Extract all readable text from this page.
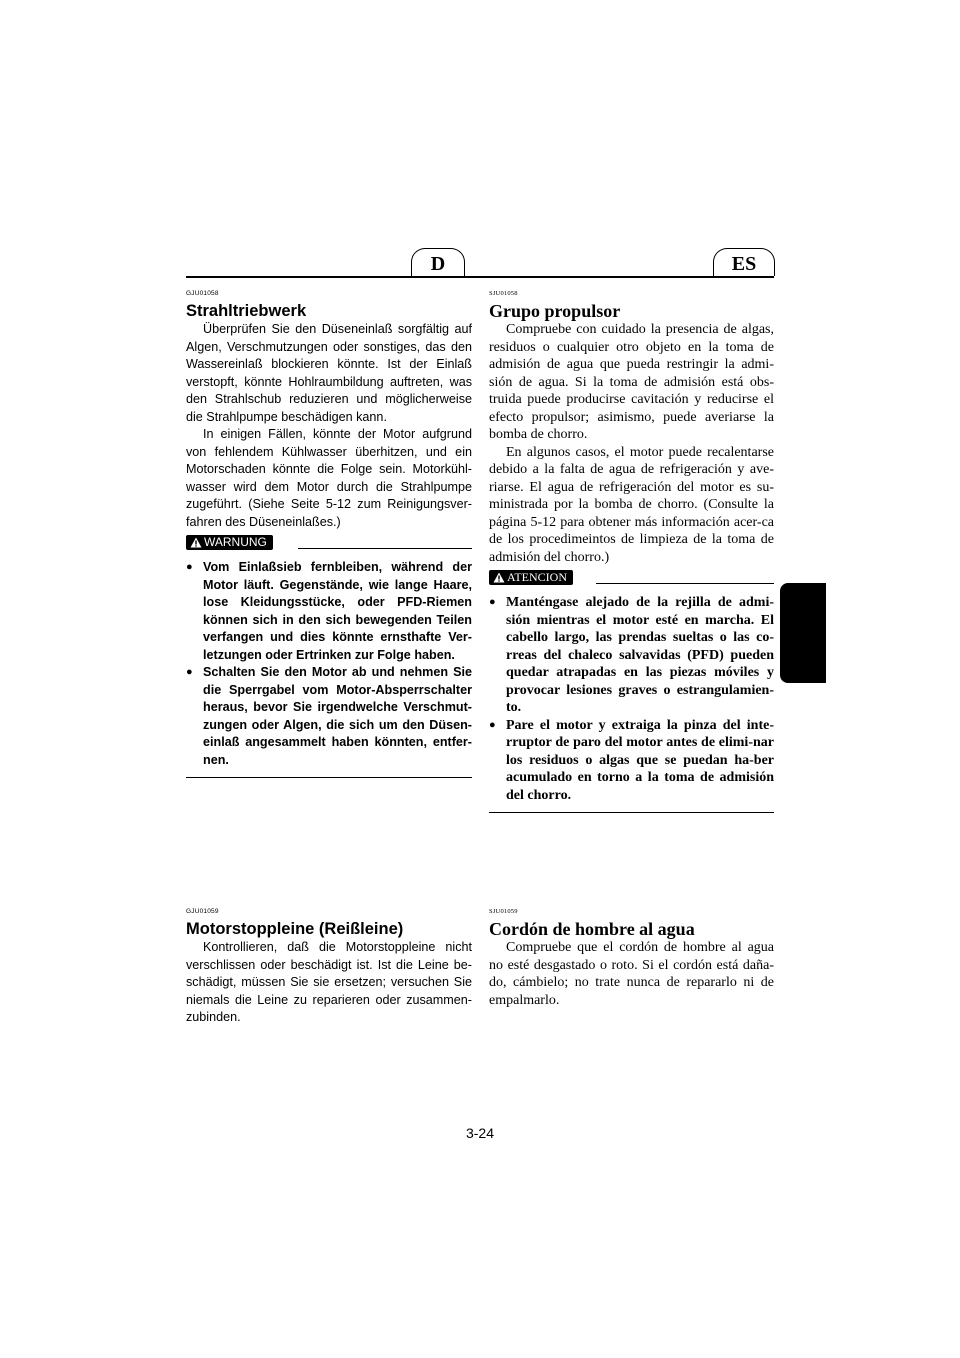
D	ES
GJU01058
Strahltriebwerk

Überprüfen Sie den Düseneinlaß sorgfältig auf Algen, Verschmutzungen oder sonstiges, das den Wassereinlaß blockieren könnte. Ist der Einlaß verstopft, könnte Hohlraumbildung auftreten, was den Strahlschub reduzieren und möglicherweise die Strahlpumpe beschädigen kann.

In einigen Fällen, könnte der Motor aufgrund von fehlendem Kühlwasser überhitzen, und ein Motorschaden könnte die Folge sein. Motorkühl-wasser wird dem Motor durch die Strahlpumpe zugeführt. (Siehe Seite 5-12 zum Reinigungsver-fahren des Düseneinlaßes.)

WARNUNG
● Vom Einlaßsieb fernbleiben, während der Motor läuft. Gegenstände, wie lange Haare, lose Kleidungsstücke, oder PFD-Riemen können sich in den sich bewegenden Teilen verfangen und dies könnte ernsthafte Ver-letzungen oder Ertrinken zur Folge haben.
● Schalten Sie den Motor ab und nehmen Sie die Sperrgabel vom Motor-Absperrschalter heraus, bevor Sie irgendwelche Verschmut-zungen oder Algen, die sich um den Düsen-einlaß angesammelt haben könnten, entfer-nen.
SJU01058
Grupo propulsor

Compruebe con cuidado la presencia de algas, residuos o cualquier otro objeto en la toma de admisión de agua que pueda restringir la admi-sión de agua. Si la toma de admisión está obs-truida puede producirse cavitación y reducirse el efecto propulsor; asimismo, puede averiarse la bomba de chorro.

En algunos casos, el motor puede recalentarse debido a la falta de agua de refrigeración y ave-riarse. El agua de refrigeración del motor es su-ministrada por la bomba de chorro. (Consulte la página 5-12 para obtener más información acer-ca de los procedimeintos de limpieza de la toma de admisión del chorro.)

ATENCION
● Manténgase alejado de la rejilla de admi-sión mientras el motor esté en marcha. El cabello largo, las prendas sueltas o las co-rreas del chaleco salvavidas (PFD) pueden quedar atrapadas en las piezas móviles y provocar lesiones graves o estrangulamien-to.
● Pare el motor y extraiga la pinza del inte-rruptor de paro del motor antes de elimi-nar los residuos o algas que se puedan ha-ber acumulado en torno a la toma de admisión del chorro.
GJU01059
Motorstoppleine (Reißleine)

Kontrollieren, daß die Motorstoppleine nicht verschlissen oder beschädigt ist. Ist die Leine be-schädigt, müssen Sie sie ersetzen; versuchen Sie niemals die Leine zu reparieren oder zusammen-zubinden.

SJU01059
Cordón de hombre al agua

Compruebe que el cordón de hombre al agua no esté desgastado o roto. Si el cordón está daña-do, cámbielo; no trate nunca de repararlo ni de empalmarlo.

3-24
